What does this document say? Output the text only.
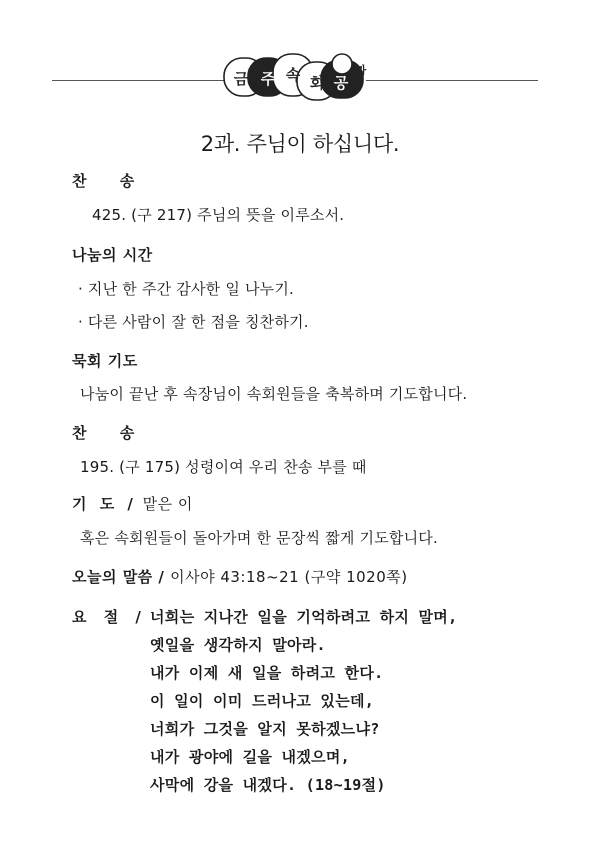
금 주 속 회 공
과
2과. 주님이 하십니다.
찬 송
425. (구 217) 주님의 뜻을 이루소서.
나눔의 시간
· 지난 한 주간 감사한 일 나누기.
· 다른 사람이 잘 한 점을 칭찬하기.
묵회 기도
나눔이 끝난 후 속장님이 속회원들을 축복하며 기도합니다.
찬 송
195. (구 175) 성령이여 우리 찬송 부를 때
기 도 / 맡은 이
혹은 속회원들이 돌아가며 한 문장씩 짧게 기도합니다.
오늘의 말씀 / 이사야 43:18~21 (구약 1020쪽)
요 절 / 너희는 지나간 일을 기억하려고 하지 말며,
옛일을 생각하지 말아라.
내가 이제 새 일을 하려고 한다.
이 일이 이미 드러나고 있는데,
너희가 그것을 알지 못하겠느냐?
내가 광야에 길을 내겠으며,
사막에 강을 내겠다. (18~19절)
